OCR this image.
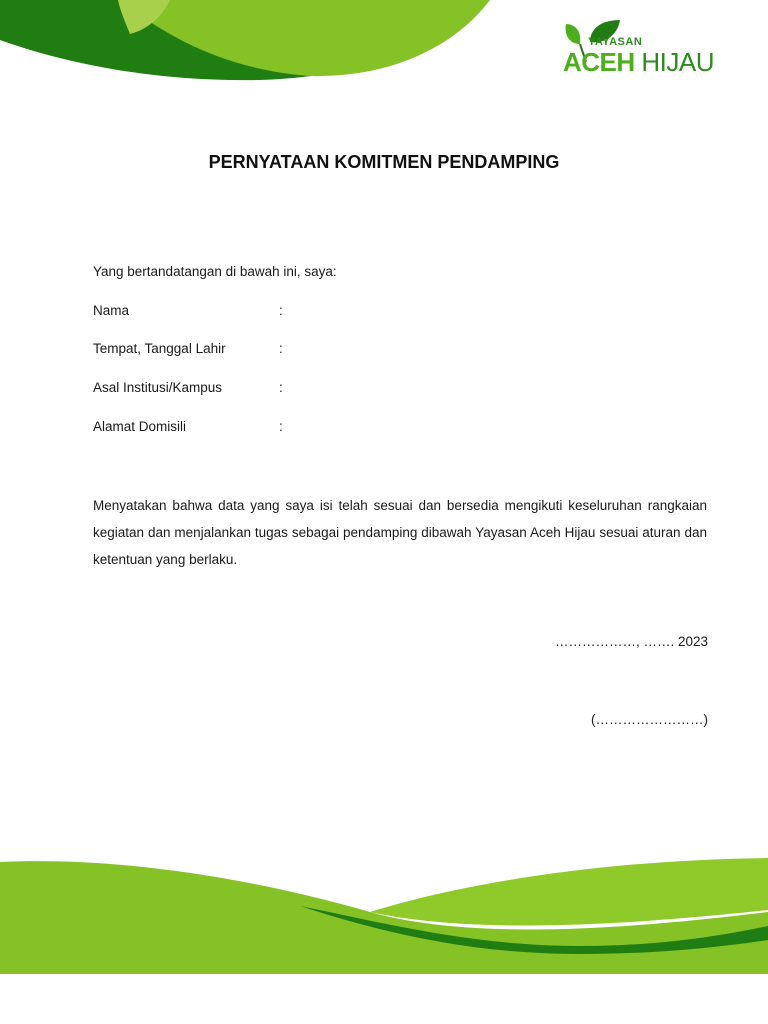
YAYASAN
ACEH HIJAU
PERNYATAAN KOMITMEN PENDAMPING
Yang bertandatangan di bawah ini, saya:
Nama	:
Tempat, Tanggal Lahir	:
Asal Institusi/Kampus	:
Alamat Domisili	:
Menyatakan bahwa data yang saya isi telah sesuai dan bersedia mengikuti keseluruhan rangkaian kegiatan dan menjalankan tugas sebagai pendamping dibawah Yayasan Aceh Hijau sesuai aturan dan ketentuan yang berlaku.
………………, ……. 2023
(……………………)
